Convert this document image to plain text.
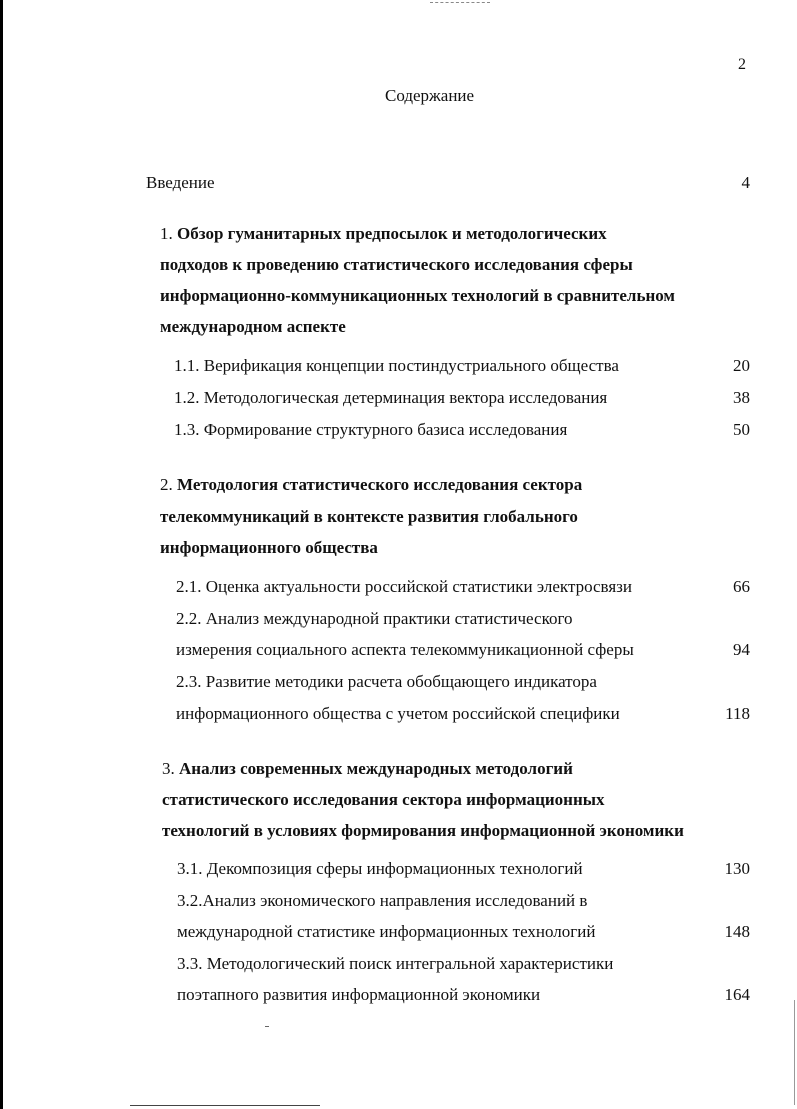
2
Содержание
Введение	4
1. Обзор гуманитарных предпосылок и методологических
подходов к проведению статистического исследования сферы
информационно-коммуникационных технологий в сравнительном
международном аспекте
1.1. Верификация концепции постиндустриального общества	20
1.2. Методологическая детерминация вектора исследования	38
1.3. Формирование структурного базиса исследования	50
2. Методология статистического исследования сектора
телекоммуникаций в контексте развития глобального
информационного общества
2.1. Оценка актуальности российской статистики электросвязи	66
2.2. Анализ международной практики статистического
измерения социального аспекта телекоммуникационной сферы	94
2.3. Развитие методики расчета обобщающего индикатора
информационного общества с учетом российской специфики	118
3. Анализ современных международных методологий
статистического исследования сектора информационных
технологий в условиях формирования информационной экономики
3.1. Декомпозиция сферы информационных технологий	130
3.2.Анализ экономического направления исследований в
международной статистике информационных технологий	148
3.3. Методологический поиск интегральной характеристики
поэтапного развития информационной экономики	164
